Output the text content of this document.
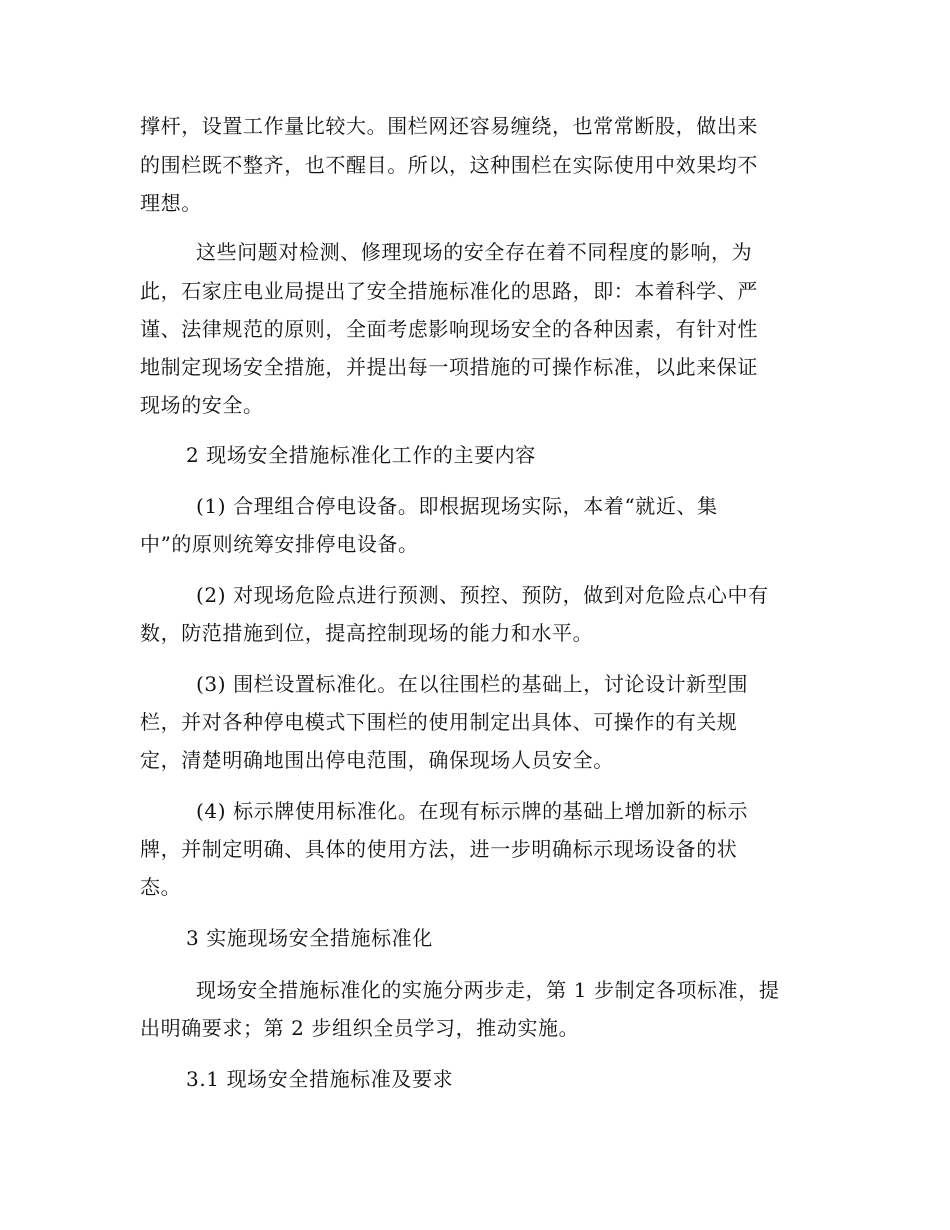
撑杆，设置工作量比较大。围栏网还容易缠绕，也常常断股，做出来
的围栏既不整齐，也不醒目。所以，这种围栏在实际使用中效果均不
理想。
这些问题对检测、修理现场的安全存在着不同程度的影响，为
此，石家庄电业局提出了安全措施标准化的思路，即：本着科学、严
谨、法律规范的原则，全面考虑影响现场安全的各种因素，有针对性
地制定现场安全措施，并提出每一项措施的可操作标准，以此来保证
现场的安全。
2 现场安全措施标准化工作的主要内容
(1) 合理组合停电设备。即根据现场实际，本着“就近、集
中”的原则统筹安排停电设备。
(2) 对现场危险点进行预测、预控、预防，做到对危险点心中有
数，防范措施到位，提高控制现场的能力和水平。
(3) 围栏设置标准化。在以往围栏的基础上，讨论设计新型围
栏，并对各种停电模式下围栏的使用制定出具体、可操作的有关规
定，清楚明确地围出停电范围，确保现场人员安全。
(4) 标示牌使用标准化。在现有标示牌的基础上增加新的标示
牌，并制定明确、具体的使用方法，进一步明确标示现场设备的状
态。
3 实施现场安全措施标准化
现场安全措施标准化的实施分两步走，第 1 步制定各项标准，提
出明确要求；第 2 步组织全员学习，推动实施。
3.1 现场安全措施标准及要求
